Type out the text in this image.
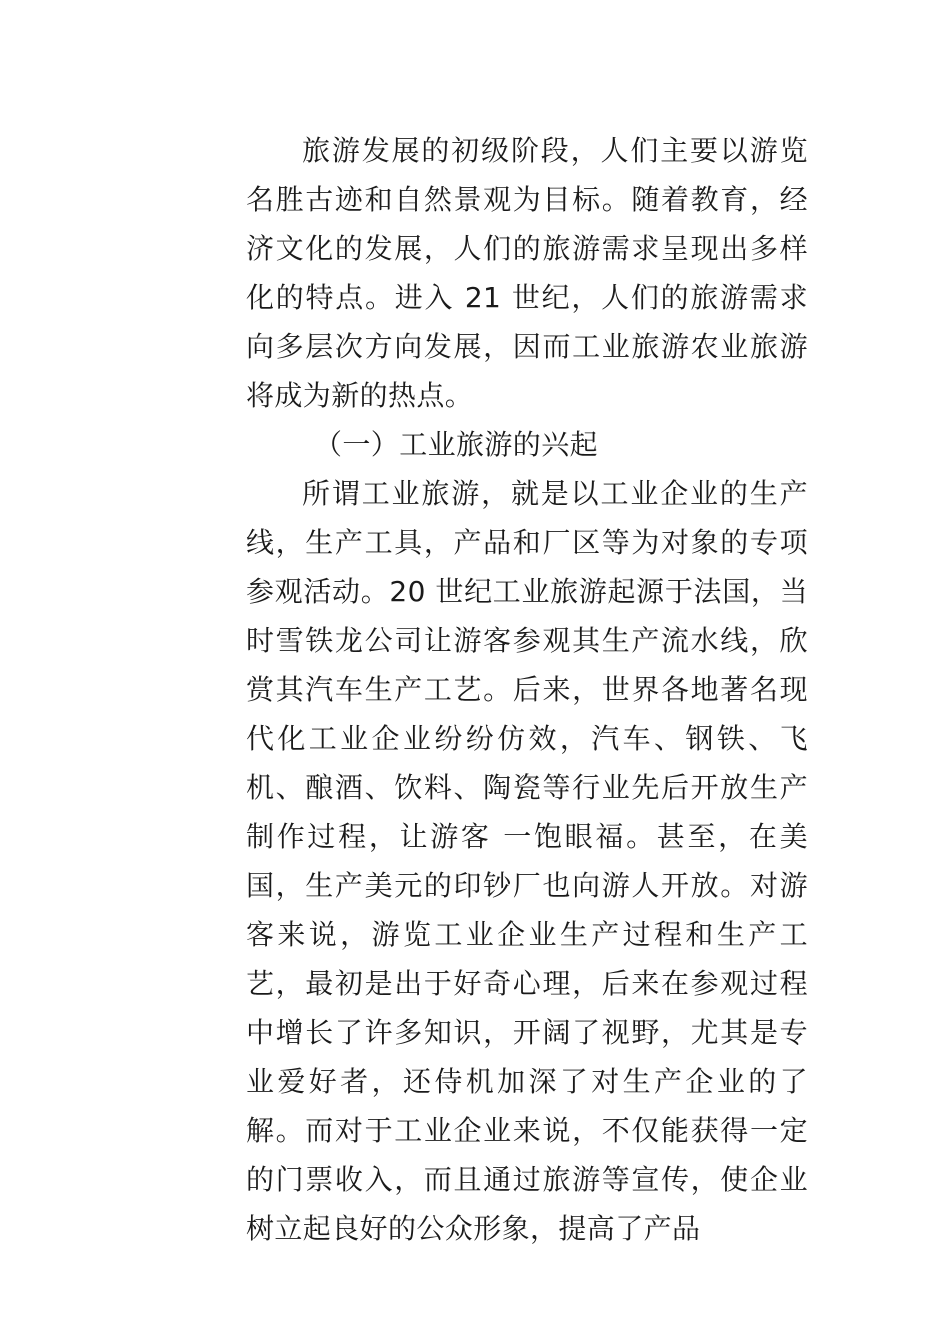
旅游发展的初级阶段，人们主要以游览名胜古迹和自然景观为目标。随着教育，经济文化的发展，人们的旅游需求呈现出多样化的特点。进入 21 世纪，人们的旅游需求向多层次方向发展，因而工业旅游农业旅游将成为新的热点。

（一）工业旅游的兴起

所谓工业旅游，就是以工业企业的生产线，生产工具，产品和厂区等为对象的专项参观活动。20 世纪工业旅游起源于法国，当时雪铁龙公司让游客参观其生产流水线，欣赏其汽车生产工艺。后来，世界各地著名现代化工业企业纷纷仿效，汽车、钢铁、飞机、酿酒、饮料、陶瓷等行业先后开放生产制作过程，让游客 一饱眼福。甚至，在美国，生产美元的印钞厂也向游人开放。对游客来说，游览工业企业生产过程和生产工艺，最初是出于好奇心理，后来在参观过程中增长了许多知识，开阔了视野，尤其是专业爱好者，还侍机加深了对生产企业的了解。而对于工业企业来说，不仅能获得一定的门票收入，而且通过旅游等宣传，使企业树立起良好的公众形象，提高了产品
